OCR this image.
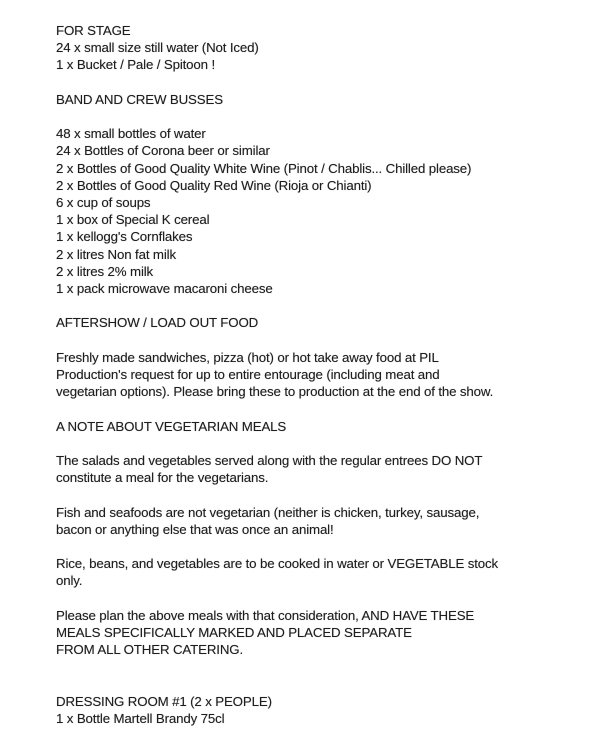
FOR STAGE
24 x small size still water (Not Iced)
1 x Bucket / Pale / Spitoon !
BAND AND CREW BUSSES
48 x small bottles of water
24 x Bottles of Corona beer or similar
2 x Bottles of Good Quality White Wine (Pinot / Chablis... Chilled please)
2 x Bottles of Good Quality Red Wine (Rioja or Chianti)
6 x cup of soups
1 x box of Special K cereal
1 x kellogg's Cornflakes
2 x litres Non fat milk
2 x litres 2% milk
1 x pack microwave macaroni cheese
AFTERSHOW / LOAD OUT FOOD
Freshly made sandwiches, pizza (hot) or hot take away food at PIL
Production's request for up to entire entourage (including meat and
vegetarian options). Please bring these to production at the end of the show.
A NOTE ABOUT VEGETARIAN MEALS
The salads and vegetables served along with the regular entrees DO NOT
constitute a meal for the vegetarians.
Fish and seafoods are not vegetarian (neither is chicken, turkey, sausage,
bacon or anything else that was once an animal!
Rice, beans, and vegetables are to be cooked in water or VEGETABLE stock
only.
Please plan the above meals with that consideration, AND HAVE THESE
MEALS SPECIFICALLY MARKED AND PLACED SEPARATE
FROM ALL OTHER CATERING.
DRESSING ROOM #1 (2 x PEOPLE)
1 x Bottle Martell Brandy 75cl
